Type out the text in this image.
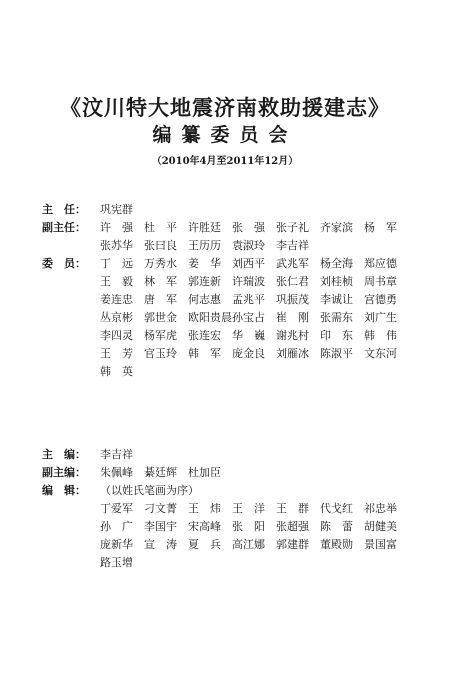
《汶川特大地震济南救助援建志》
编纂委员会
（2010年4月至2011年12月）
主　任：	巩宪群
副主任：	许　强	杜　平	许胜廷	张　强	张子礼	齐家滨	杨　军
张苏华	张曰良	王历历	袁淑玲	李吉祥
委　员：	丁　远	万秀水	姜　华	刘西平	武兆军	杨全海	郑应德
王　毅	林　军	郭连新	许瑞波	张仁君	刘桂桢	周书章
姜连忠	唐　军	何志惠	孟兆平	巩振茂	李诚让	宫德勇
丛京彬	郭世金	欧阳贵晨 孙宝占	崔　刚	张需东	刘广生
李四灵	杨军虎	张连宏	华　巍	谢兆村	印　东	韩　伟
王　芳	官玉玲	韩　军	庞金良	刘雁冰	陈淑平	文东河
韩　英
主　编：	李吉祥
副主编：	朱佩峰	綦廷辉	杜加臣
编　辑：	（以姓氏笔画为序）
丁爱军	刁文菁	王　炜	王　洋	王　群	代戈红	祁忠举
孙　广	李国宇	宋高峰	张　阳	张超强	陈　蕾	胡健美
庞新华	宣　涛	夏　兵	高江娜	郭建群	董殿勋	景国富
路玉增
